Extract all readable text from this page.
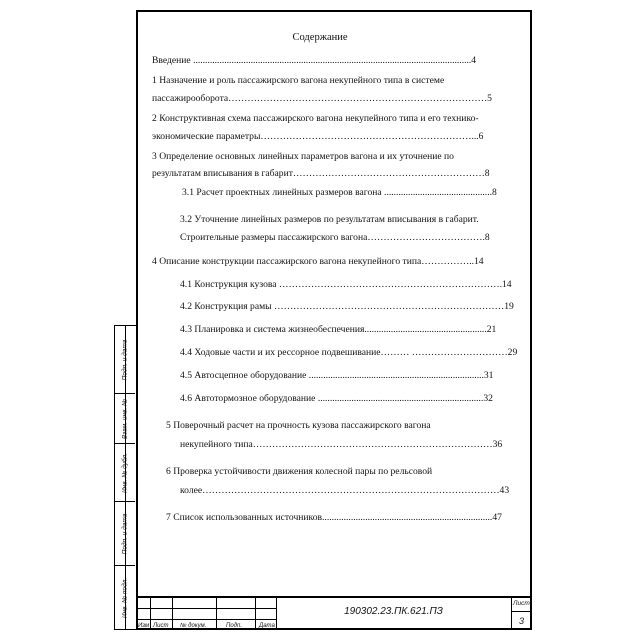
Содержание
Введение ....................................................................................................................4
1 Назначение и роль пассажирского вагона некупейного типа в системе
пассажирооборота………………………………………………………………………5
2 Конструктивная схема пассажирского вагона некупейного типа и его технико-
экономические параметры…………………………………………………………...6
3 Определение основных линейных параметров вагона и их уточнение по
результатам вписывания в габарит……………………………………………………8
3.1 Расчет проектных линейных размеров вагона .............................................8
3.2 Уточнение линейных размеров по результатам вписывания в габарит.
Строительные размеры пассажирского вагона……………………………….8
4 Описание конструкции пассажирского вагона некупейного типа……………..14
4.1 Конструкция кузова …………………………………………………………….14
4.2 Конструкция рамы ………………………………………………………………19
4.3 Планировка и система жизнеобеспечения...................................................21
4.4 Ходовые части и их рессорное подвешивание……… …………………………29
4.5 Автосцепное оборудование .........................................................................31
4.6 Автотормозное оборудование .....................................................................32
5 Поверочный расчет на прочность кузова пассажирского вагона
некупейного типа…………………………………………………………………36
6 Проверка устойчивости движения колесной пары по рельсовой
колее…………………………………………………………………………………43
7 Список использованных источников.......................................................................47
Подп. и дата
Взам. инв. №
Инв. № дубл.
Подп. и дата
Инв. № подл.
Изм Лист № докум.	Подп.	Дата
190302.23.ПК.621.ПЗ
Лист
3
